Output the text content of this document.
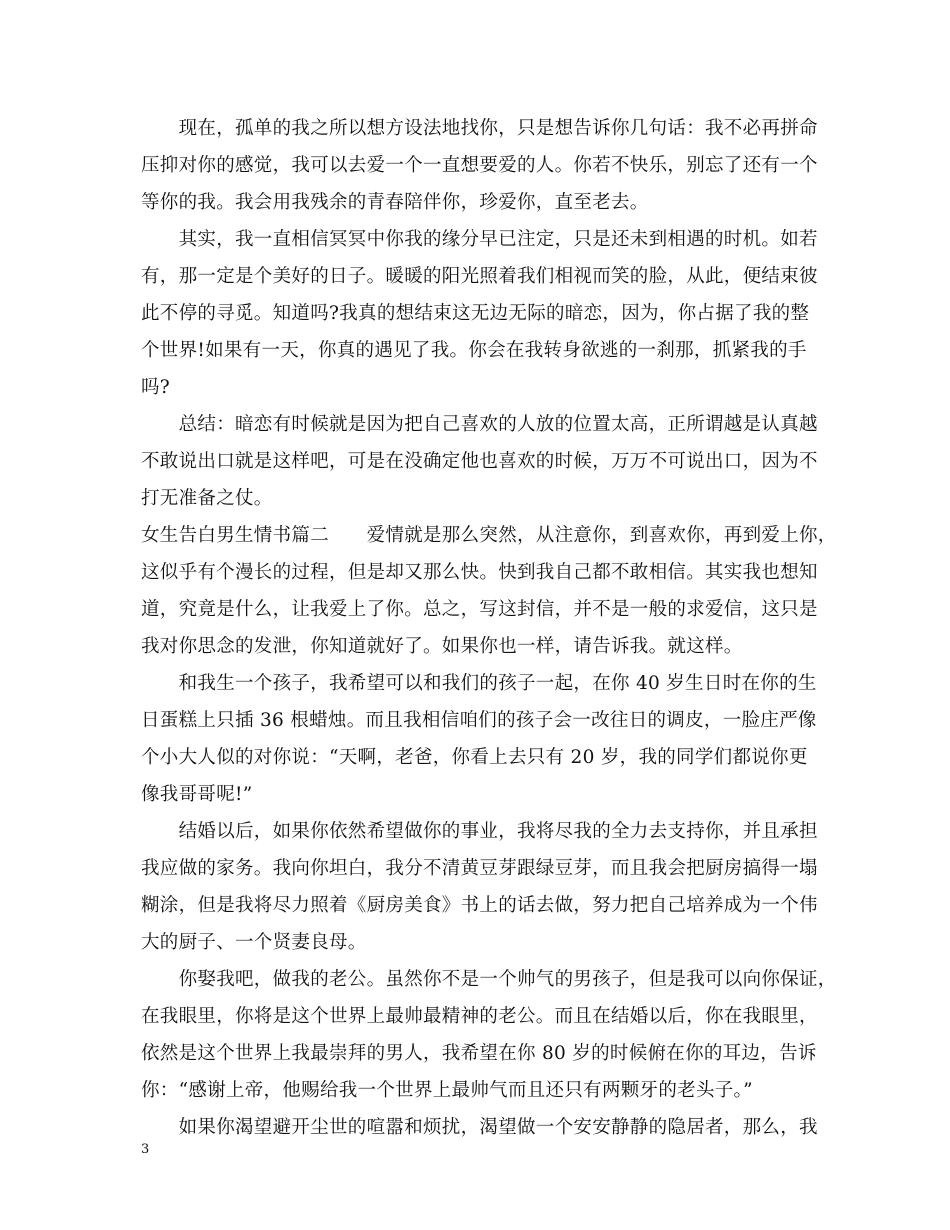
　　现在，孤单的我之所以想方设法地找你，只是想告诉你几句话：我不必再拼命
压抑对你的感觉，我可以去爱一个一直想要爱的人。你若不快乐，别忘了还有一个
等你的我。我会用我残余的青春陪伴你，珍爱你，直至老去。
　　其实，我一直相信冥冥中你我的缘分早已注定，只是还未到相遇的时机。如若
有，那一定是个美好的日子。暖暖的阳光照着我们相视而笑的脸，从此，便结束彼
此不停的寻觅。知道吗?我真的想结束这无边无际的暗恋，因为，你占据了我的整
个世界!如果有一天，你真的遇见了我。你会在我转身欲逃的一刹那，抓紧我的手
吗?
　　总结：暗恋有时候就是因为把自己喜欢的人放的位置太高，正所谓越是认真越
不敢说出口就是这样吧，可是在没确定他也喜欢的时候，万万不可说出口，因为不
打无准备之仗。
女生告白男生情书篇二　　爱情就是那么突然，从注意你，到喜欢你，再到爱上你，
这似乎有个漫长的过程，但是却又那么快。快到我自己都不敢相信。其实我也想知
道，究竟是什么，让我爱上了你。总之，写这封信，并不是一般的求爱信，这只是
我对你思念的发泄，你知道就好了。如果你也一样，请告诉我。就这样。
　　和我生一个孩子，我希望可以和我们的孩子一起，在你 40 岁生日时在你的生
日蛋糕上只插 36 根蜡烛。而且我相信咱们的孩子会一改往日的调皮，一脸庄严像
个小大人似的对你说：“天啊，老爸，你看上去只有 20 岁，我的同学们都说你更
像我哥哥呢!”
　　结婚以后，如果你依然希望做你的事业，我将尽我的全力去支持你，并且承担
我应做的家务。我向你坦白，我分不清黄豆芽跟绿豆芽，而且我会把厨房搞得一塌
糊涂，但是我将尽力照着《厨房美食》书上的话去做，努力把自己培养成为一个伟
大的厨子、一个贤妻良母。
　　你娶我吧，做我的老公。虽然你不是一个帅气的男孩子，但是我可以向你保证，
在我眼里，你将是这个世界上最帅最精神的老公。而且在结婚以后，你在我眼里，
依然是这个世界上我最崇拜的男人，我希望在你 80 岁的时候俯在你的耳边，告诉
你：“感谢上帝，他赐给我一个世界上最帅气而且还只有两颗牙的老头子。”
　　如果你渴望避开尘世的喧嚣和烦扰，渴望做一个安安静静的隐居者，那么，我
3
